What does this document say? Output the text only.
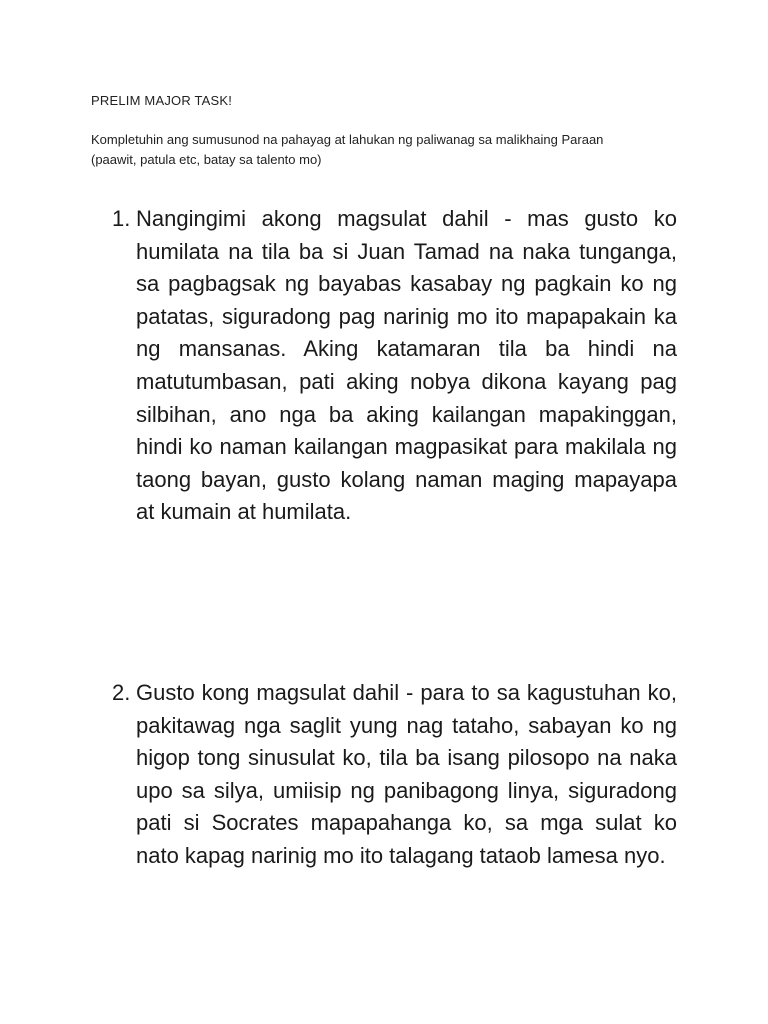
PRELIM MAJOR TASK!
Kompletuhin ang sumusunod na pahayag at lahukan ng paliwanag sa malikhaing Paraan
(paawit, patula etc, batay sa talento mo)
1. Nangingimi akong magsulat dahil - mas gusto ko humilata na tila ba si Juan Tamad na naka tunganga, sa pagbagsak ng bayabas kasabay ng pagkain ko ng patatas, siguradong pag narinig mo ito mapapakain ka ng mansanas. Aking katamaran tila ba hindi na matutumbasan, pati aking nobya dikona kayang pag silbihan, ano nga ba aking kailangan mapakinggan, hindi ko naman kailangan magpasikat para makilala ng taong bayan, gusto kolang naman maging mapayapa at kumain at humilata.
2. Gusto kong magsulat dahil - para to sa kagustuhan ko, pakitawag nga saglit yung nag tataho, sabayan ko ng higop tong sinusulat ko, tila ba isang pilosopo na naka upo sa silya, umiisip ng panibagong linya, siguradong pati si Socrates mapapahanga ko, sa mga sulat ko nato kapag narinig mo ito talagang tataob lamesa nyo.
